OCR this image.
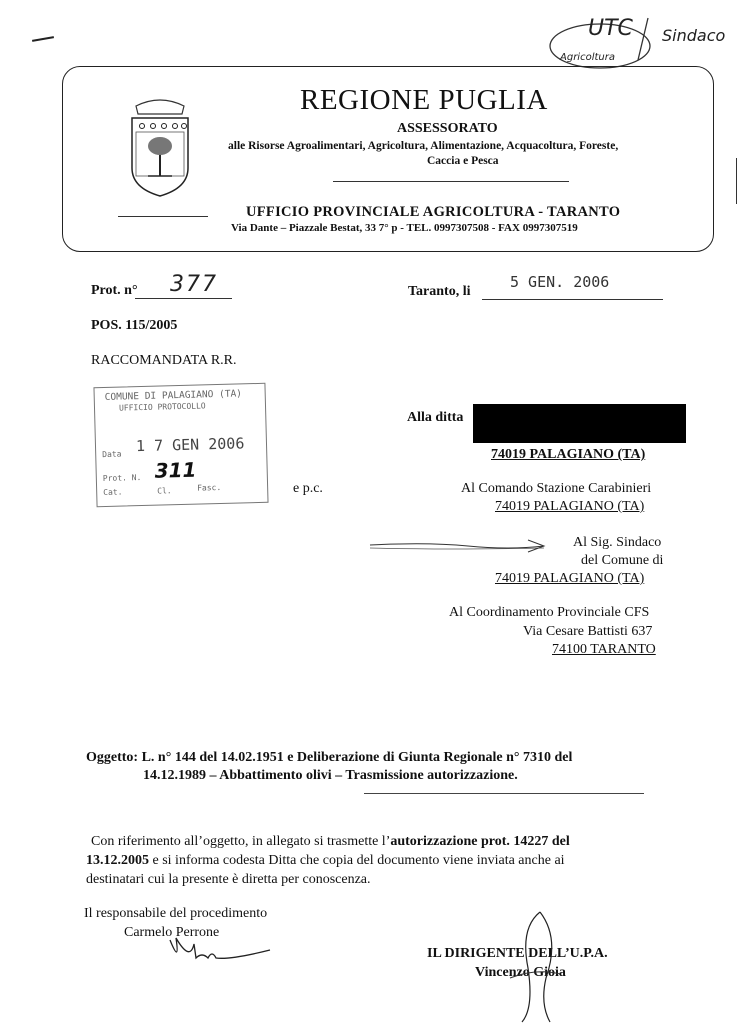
UTC Sindaco
Agricoltura
REGIONE PUGLIA
ASSESSORATO
alle Risorse Agroalimentari, Agricoltura, Alimentazione, Acquacoltura, Foreste,
Caccia e Pesca
UFFICIO PROVINCIALE AGRICOLTURA - TARANTO
Via Dante – Piazzale Bestat, 33 7° p - TEL. 0997307508 - FAX 0997307519
Prot. n° 377	Taranto, li
5 GEN. 2006
POS. 115/2005
RACCOMANDATA R.R.
COMUNE DI PALAGIANO (TA)
UFFICIO PROTOCOLLO
Data 1 7 GEN 2006
Prot. N. 311
Cat.	Cl.	Fasc.
Alla ditta
74019 PALAGIANO (TA)
e p.c.	Al Comando Stazione Carabinieri
74019 PALAGIANO (TA)
Al Sig. Sindaco
del Comune di
74019 PALAGIANO (TA)
Al Coordinamento Provinciale CFS
Via Cesare Battisti 637
74100 TARANTO
Oggetto: L. n° 144 del 14.02.1951 e Deliberazione di Giunta Regionale n° 7310 del
14.12.1989 – Abbattimento olivi – Trasmissione autorizzazione.
Con riferimento all’oggetto, in allegato si trasmette l’autorizzazione prot. 14227 del
13.12.2005 e si informa codesta Ditta che copia del documento viene inviata anche ai
destinatari cui la presente è diretta per conoscenza.
Il responsabile del procedimento
Carmelo Perrone
IL DIRIGENTE DELL’U.P.A.
Vincenzo Gioia
